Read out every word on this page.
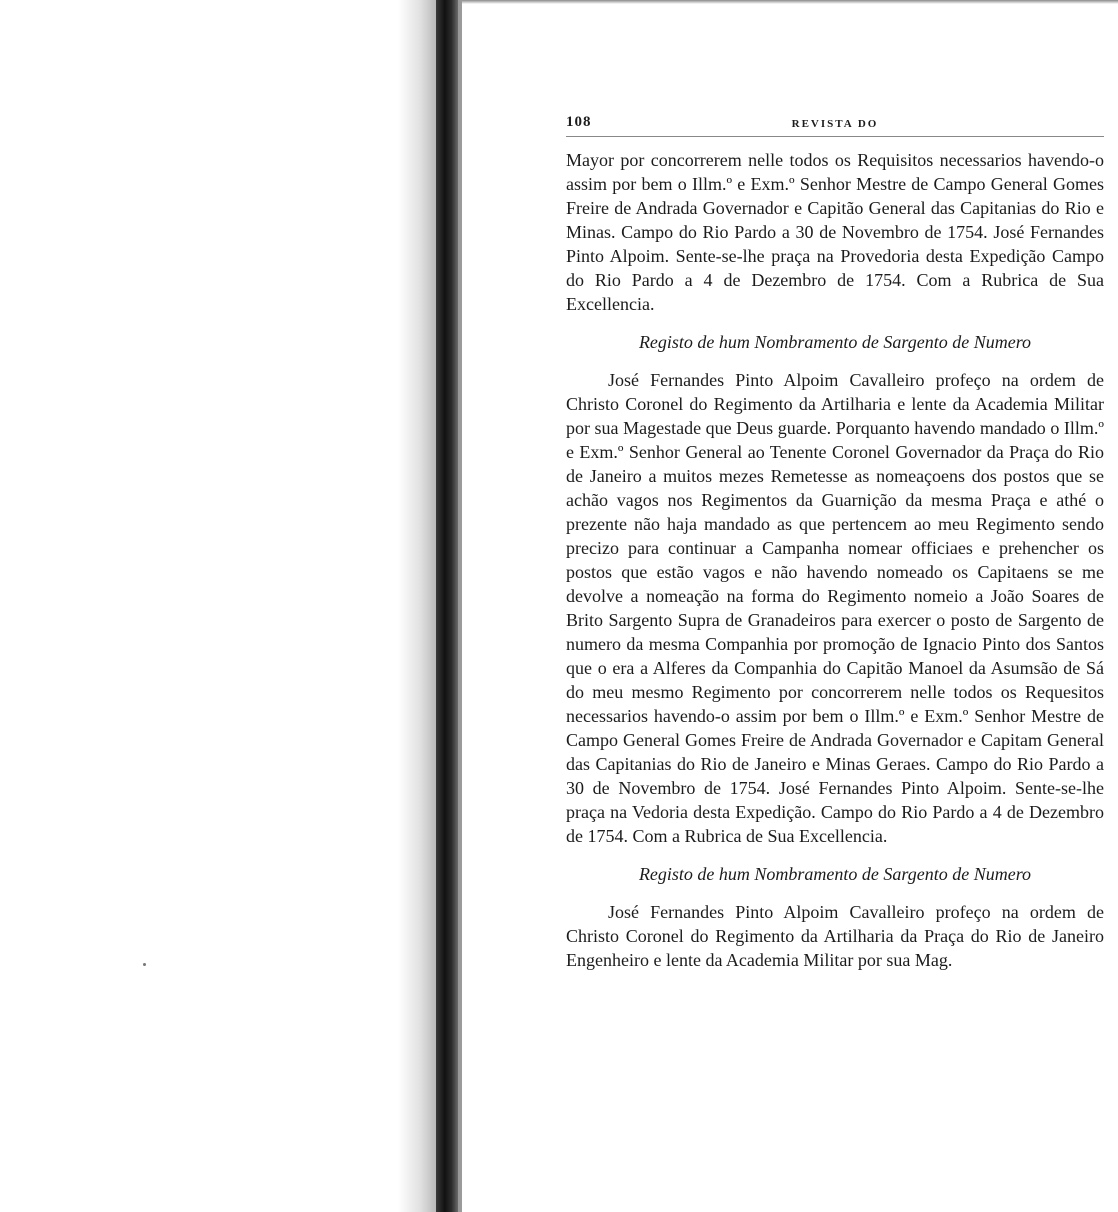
108	REVISTA DO

Mayor por concorrerem nelle todos os Requisitos necessarios havendo-o assim por bem o Illm.º e Exm.º Senhor Mestre de Campo General Gomes Freire de Andrada Governador e Capitão General das Capitanias do Rio e Minas. Campo do Rio Pardo a 30 de Novembro de 1754. José Fernandes Pinto Alpoim. Sente-se-lhe praça na Provedoria desta Expedição Campo do Rio Pardo a 4 de Dezembro de 1754. Com a Rubrica de Sua Excellencia.

Registo de hum Nombramento de Sargento de Numero

José Fernandes Pinto Alpoim Cavalleiro profeço na ordem de Christo Coronel do Regimento da Artilharia e lente da Academia Militar por sua Magestade que Deus guarde. Porquanto havendo mandado o Illm.º e Exm.º Senhor General ao Tenente Coronel Governador da Praça do Rio de Janeiro a muitos mezes Remetesse as nomeaçoens dos postos que se achão vagos nos Regimentos da Guarnição da mesma Praça e athé o prezente não haja mandado as que pertencem ao meu Regimento sendo precizo para continuar a Campanha nomear officiaes e prehencher os postos que estão vagos e não havendo nomeado os Capitaens se me devolve a nomeação na forma do Regimento nomeio a João Soares de Brito Sargento Supra de Granadeiros para exercer o posto de Sargento de numero da mesma Companhia por promoção de Ignacio Pinto dos Santos que o era a Alferes da Companhia do Capitão Manoel da Asumsão de Sá do meu mesmo Regimento por concorrerem nelle todos os Requesitos necessarios havendo-o assim por bem o Illm.º e Exm.º Senhor Mestre de Campo General Gomes Freire de Andrada Governador e Capitam General das Capitanias do Rio de Janeiro e Minas Geraes. Campo do Rio Pardo a 30 de Novembro de 1754. José Fernandes Pinto Alpoim. Sente-se-lhe praça na Vedoria desta Expedição. Campo do Rio Pardo a 4 de Dezembro de 1754. Com a Rubrica de Sua Excellencia.

Registo de hum Nombramento de Sargento de Numero

José Fernandes Pinto Alpoim Cavalleiro profeço na ordem de Christo Coronel do Regimento da Artilharia da Praça do Rio de Janeiro Engenheiro e lente da Academia Militar por sua Mag.
